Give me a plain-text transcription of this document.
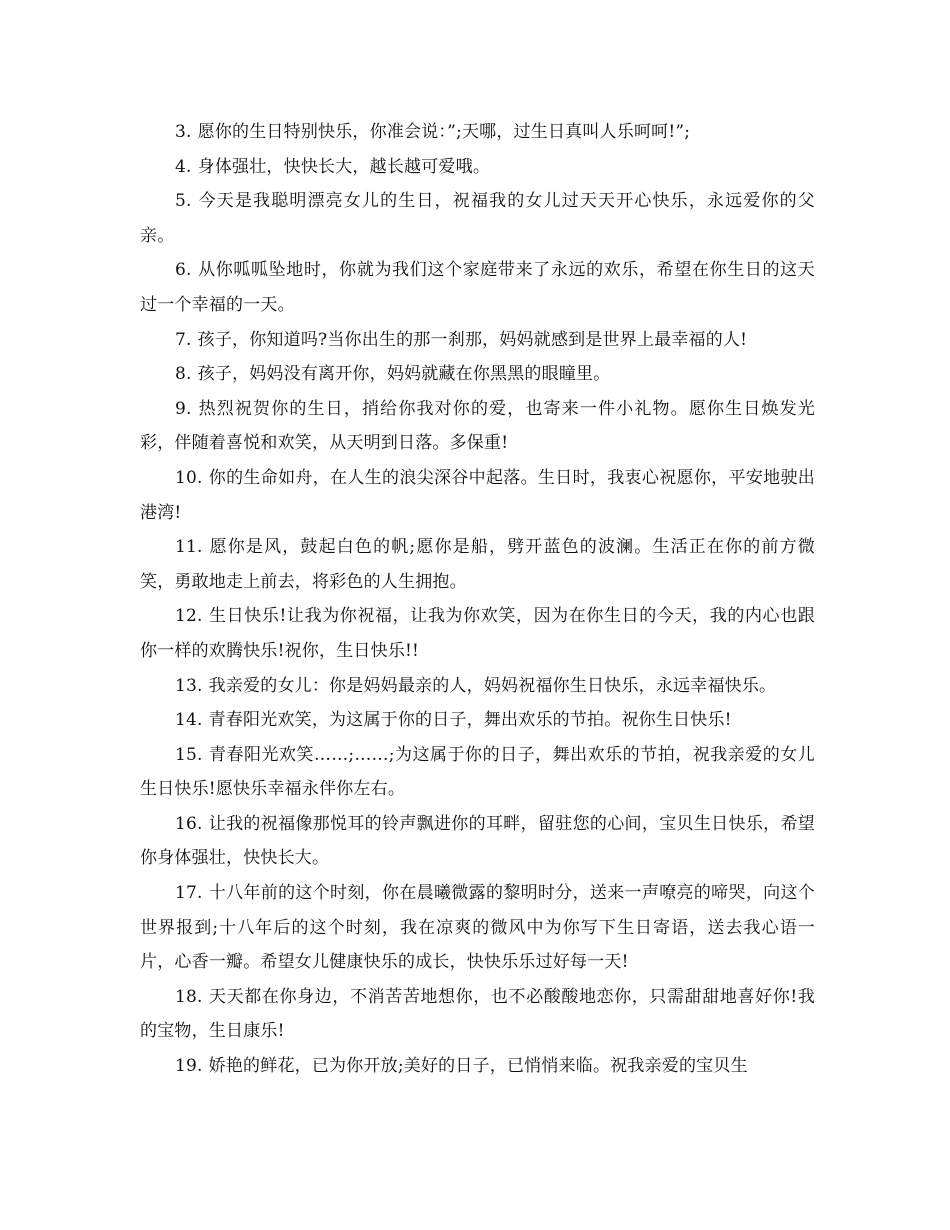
3. 愿你的生日特别快乐，你准会说：”;天哪，过生日真叫人乐呵呵!”;

4. 身体强壮，快快长大，越长越可爱哦。

5. 今天是我聪明漂亮女儿的生日，祝福我的女儿过天天开心快乐，永远爱你的父亲。

6. 从你呱呱坠地时，你就为我们这个家庭带来了永远的欢乐，希望在你生日的这天过一个幸福的一天。

7. 孩子，你知道吗?当你出生的那一刹那，妈妈就感到是世界上最幸福的人!

8. 孩子，妈妈没有离开你，妈妈就藏在你黑黑的眼瞳里。

9. 热烈祝贺你的生日，捎给你我对你的爱，也寄来一件小礼物。愿你生日焕发光彩，伴随着喜悦和欢笑，从天明到日落。多保重!

10. 你的生命如舟，在人生的浪尖深谷中起落。生日时，我衷心祝愿你，平安地驶出港湾!

11. 愿你是风，鼓起白色的帆;愿你是船，劈开蓝色的波澜。生活正在你的前方微笑，勇敢地走上前去，将彩色的人生拥抱。

12. 生日快乐!让我为你祝福，让我为你欢笑，因为在你生日的今天，我的内心也跟你一样的欢腾快乐!祝你，生日快乐!!

13. 我亲爱的女儿：你是妈妈最亲的人，妈妈祝福你生日快乐，永远幸福快乐。

14. 青春阳光欢笑，为这属于你的日子，舞出欢乐的节拍。祝你生日快乐!

15. 青春阳光欢笑……;……;为这属于你的日子，舞出欢乐的节拍，祝我亲爱的女儿生日快乐!愿快乐幸福永伴你左右。

16. 让我的祝福像那悦耳的铃声飘进你的耳畔，留驻您的心间，宝贝生日快乐，希望你身体强壮，快快长大。

17. 十八年前的这个时刻，你在晨曦微露的黎明时分，送来一声嘹亮的啼哭，向这个世界报到;十八年后的这个时刻，我在凉爽的微风中为你写下生日寄语，送去我心语一片，心香一瓣。希望女儿健康快乐的成长，快快乐乐过好每一天!

18. 天天都在你身边，不消苦苦地想你，也不必酸酸地恋你，只需甜甜地喜好你!我的宝物，生日康乐!

19. 娇艳的鲜花，已为你开放;美好的日子，已悄悄来临。祝我亲爱的宝贝生
